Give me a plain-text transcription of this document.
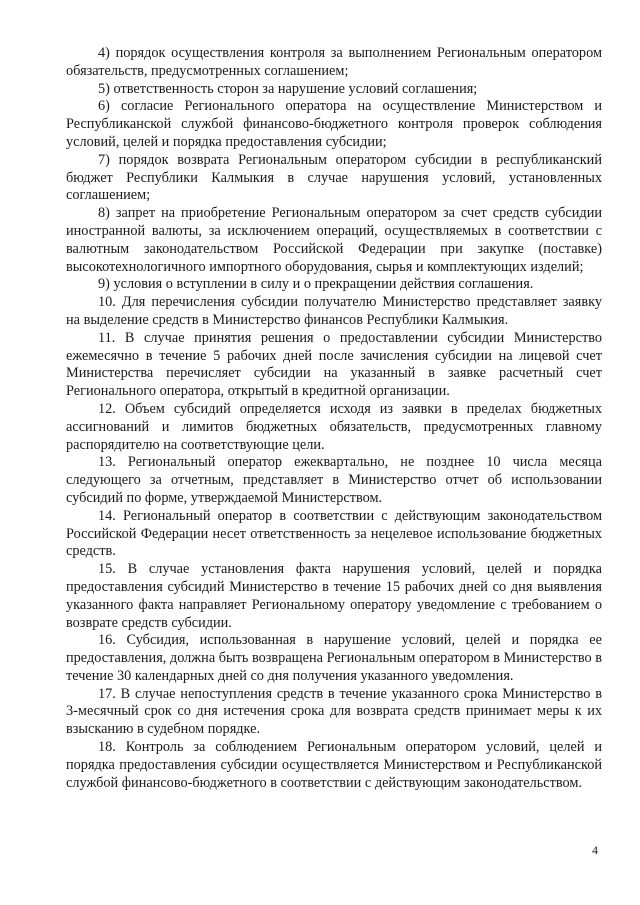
4) порядок осуществления контроля за выполнением Региональным оператором обязательств, предусмотренных соглашением;

5) ответственность сторон за нарушение условий соглашения;

6) согласие Регионального оператора на осуществление Министерством и Республиканской службой финансово-бюджетного контроля проверок соблюдения условий, целей и порядка предоставления субсидии;

7) порядок возврата Региональным оператором субсидии в республиканский бюджет Республики Калмыкия в случае нарушения условий, установленных соглашением;

8) запрет на приобретение Региональным оператором за счет средств субсидии иностранной валюты, за исключением операций, осуществляемых в соответствии с валютным законодательством Российской Федерации при закупке (поставке) высокотехнологичного импортного оборудования, сырья и комплектующих изделий;

9) условия о вступлении в силу и о прекращении действия соглашения.

10. Для перечисления субсидии получателю Министерство представляет заявку на выделение средств в Министерство финансов Республики Калмыкия.

11. В случае принятия решения о предоставлении субсидии Министерство ежемесячно в течение 5 рабочих дней после зачисления субсидии на лицевой счет Министерства перечисляет субсидии на указанный в заявке расчетный счет Регионального оператора, открытый в кредитной организации.

12. Объем субсидий определяется исходя из заявки в пределах бюджетных ассигнований и лимитов бюджетных обязательств, предусмотренных главному распорядителю на соответствующие цели.

13. Региональный оператор ежеквартально, не позднее 10 числа месяца следующего за отчетным, представляет в Министерство отчет об использовании субсидий по форме, утверждаемой Министерством.

14. Региональный оператор в соответствии с действующим законодательством Российской Федерации несет ответственность за нецелевое использование бюджетных средств.

15. В случае установления факта нарушения условий, целей и порядка предоставления субсидий Министерство в течение 15 рабочих дней со дня выявления указанного факта направляет Региональному оператору уведомление с требованием о возврате средств субсидии.

16. Субсидия, использованная в нарушение условий, целей и порядка ее предоставления, должна быть возвращена Региональным оператором в Министерство в течение 30 календарных дней со дня получения указанного уведомления.

17. В случае непоступления средств в течение указанного срока Министерство в 3-месячный срок со дня истечения срока для возврата средств принимает меры к их взысканию в судебном порядке.

18. Контроль за соблюдением Региональным оператором условий, целей и порядка предоставления субсидии осуществляется Министерством и Республиканской службой финансово-бюджетного в соответствии с действующим законодательством.

4
